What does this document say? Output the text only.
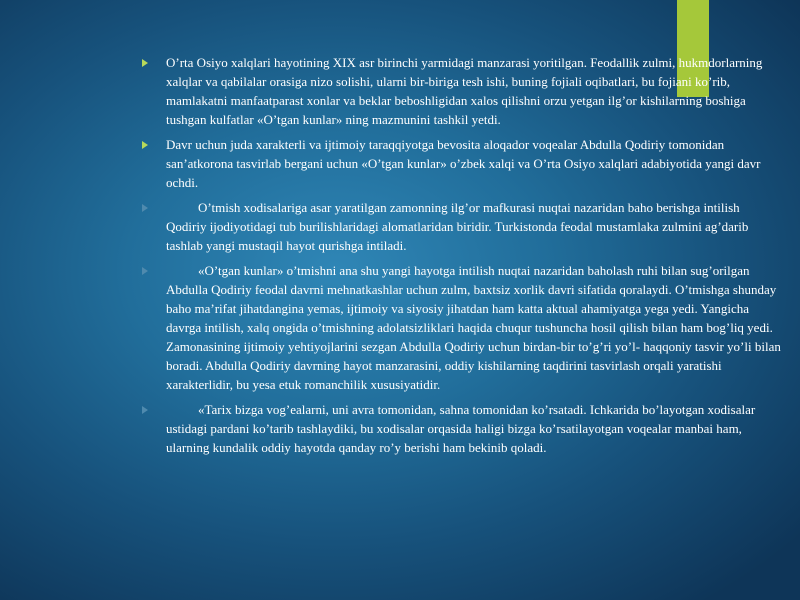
O’rta Osiyo xalqlari hayotining XIX asr birinchi yarmidagi manzarasi yoritilgan. Feodallik zulmi, hukmdorlarning xalqlar va qabilalar orasiga nizo solishi, ularni bir-biriga tesh ishi, buning fojiali oqibatlari, bu fojiani ko’rib, mamlakatni manfaatparast xonlar va beklar beboshligidan xalos qilishni orzu yetgan ilg’or kishilarning boshiga tushgan kulfatlar «O’tgan kunlar» ning mazmunini tashkil yetdi.
Davr uchun juda xarakterli va ijtimoiy taraqqiyotga bevosita aloqador voqealar Abdulla Qodiriy tomonidan san’atkorona tasvirlab bergani uchun «O’tgan kunlar» o’zbek xalqi va O’rta Osiyo xalqlari adabiyotida yangi davr ochdi.
O’tmish xodisalariga asar yaratilgan zamonning ilg’or mafkurasi nuqtai nazaridan baho berishga intilish Qodiriy ijodiyotidagi tub burilishlaridagi alomatlaridan biridir. Turkistonda feodal mustamlaka zulmini ag’darib tashlab yangi mustaqil hayot qurishga intiladi.
«O’tgan kunlar» o’tmishni ana shu yangi hayotga intilish nuqtai nazaridan baholash ruhi bilan sug’orilgan Abdulla Qodiriy feodal davrni mehnatkashlar uchun zulm, baxtsiz xorlik davri sifatida qoralaydi. O’tmishga shunday baho ma’rifat jihatdangina yemas, ijtimoiy va siyosiy jihatdan ham katta aktual ahamiyatga yega yedi. Yangicha davrga intilish, xalq ongida o’tmishning adolatsizliklari haqida chuqur tushuncha hosil qilish bilan ham bog’liq yedi. Zamonasining ijtimoiy yehtiyojlarini sezgan Abdulla Qodiriy uchun birdan-bir to’g’ri yo’l- haqqoniy tasvir yo’li bilan boradi. Abdulla Qodiriy davrning hayot manzarasini, oddiy kishilarning taqdirini tasvirlash orqali yaratishi xarakterlidir, bu yesa etuk romanchilik xususiyatidir.
«Tarix bizga vog’ealarni, uni avra tomonidan, sahna tomonidan ko’rsatadi. Ichkarida bo’layotgan xodisalar ustidagi pardani ko’tarib tashlaydiki, bu xodisalar orqasida haligi bizga ko’rsatilayotgan voqealar manbai ham, ularning kundalik oddiy hayotda qanday ro’y berishi ham bekinib qoladi.
